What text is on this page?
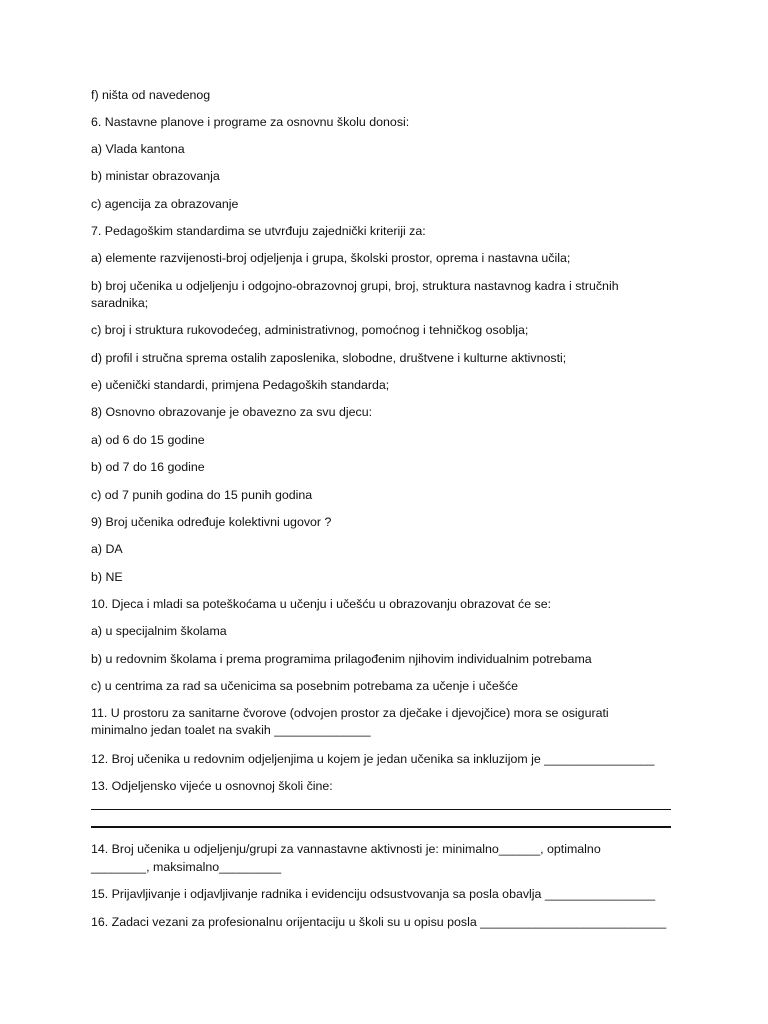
f) ništa od navedenog
6. Nastavne planove i programe za osnovnu školu donosi:
a) Vlada kantona
b) ministar obrazovanja
c) agencija za obrazovanje
7. Pedagoškim standardima se utvrđuju zajednički kriteriji za:
a) elemente razvijenosti-broj odjeljenja i grupa, školski prostor, oprema i nastavna učila;
b) broj učenika u odjeljenju i odgojno-obrazovnoj grupi, broj, struktura nastavnog kadra i stručnih
saradnika;
c) broj i struktura rukovodećeg, administrativnog, pomoćnog i tehničkog osoblja;
d) profil i stručna sprema ostalih zaposlenika, slobodne, društvene i kulturne aktivnosti;
e) učenički standardi, primjena Pedagoških standarda;
8) Osnovno obrazovanje je obavezno za svu djecu:
a) od 6 do 15 godine
b) od 7 do 16 godine
c) od 7 punih godina do 15 punih godina
9) Broj učenika određuje kolektivni ugovor ?
a) DA
b) NE
10. Djeca i mladi sa poteškoćama u učenju i učešću u obrazovanju obrazovat će se:
a) u specijalnim školama
b) u redovnim školama i prema programima prilagođenim njihovim individualnim potrebama
c) u centrima za rad sa učenicima sa posebnim potrebama za učenje i učešće
11. U prostoru za sanitarne čvorove (odvojen prostor za dječake i djevojčice) mora se osigurati
minimalno jedan toalet na svakih ______________
12. Broj učenika u redovnim odjeljenjima u kojem je jedan učenika sa inkluzijom je ________________
13. Odjeljensko vijeće u osnovnoj školi čine:
14. Broj učenika u odjeljenju/grupi za vannastavne aktivnosti je: minimalno______, optimalno
________, maksimalno_________
15. Prijavljivanje i odjavljivanje radnika i evidenciju odsustvovanja sa posla obavlja ________________
16. Zadaci vezani za profesionalnu orijentaciju u školi su u opisu posla ___________________________
